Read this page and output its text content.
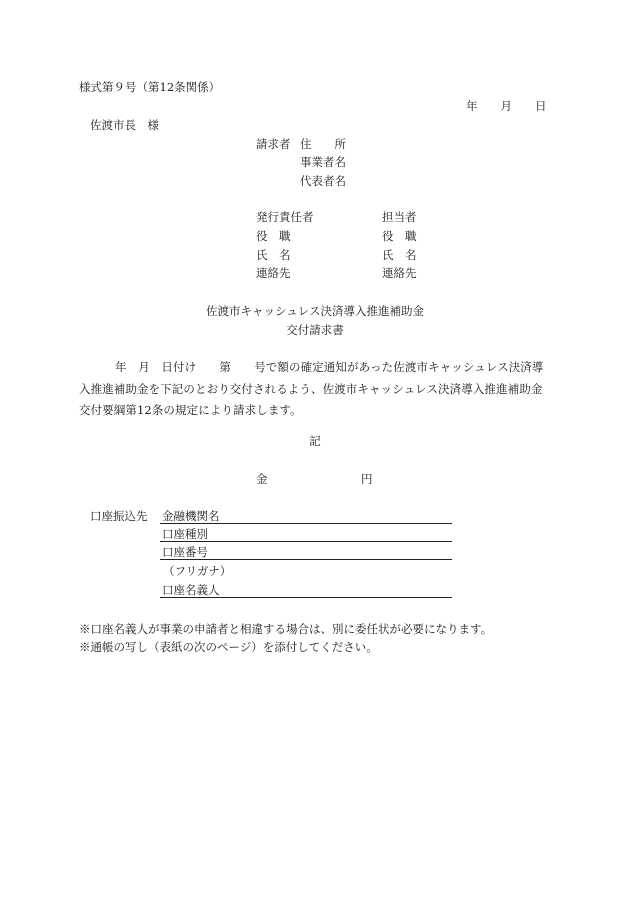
様式第９号（第12条関係）
年　　月　　日
佐渡市長　様
請求者 住　　所
事業者名
代表者名
発行責任者
役　職
氏　名
連絡先
担当者
役　職
氏　名
連絡先
佐渡市キャッシュレス決済導入推進補助金
交付請求書
年　月　日付け　　第　　号で額の確定通知があった佐渡市キャッシュレス決済導入推進補助金を下記のとおり交付されるよう、佐渡市キャッシュレス決済導入推進補助金交付要綱第12条の規定により請求します。
記
金	円
口座振込先 金融機関名
口座種別
口座番号
（フリガナ）
口座名義人
※口座名義人が事業の申請者と相違する場合は、別に委任状が必要になります。
※通帳の写し（表紙の次のページ）を添付してください。
